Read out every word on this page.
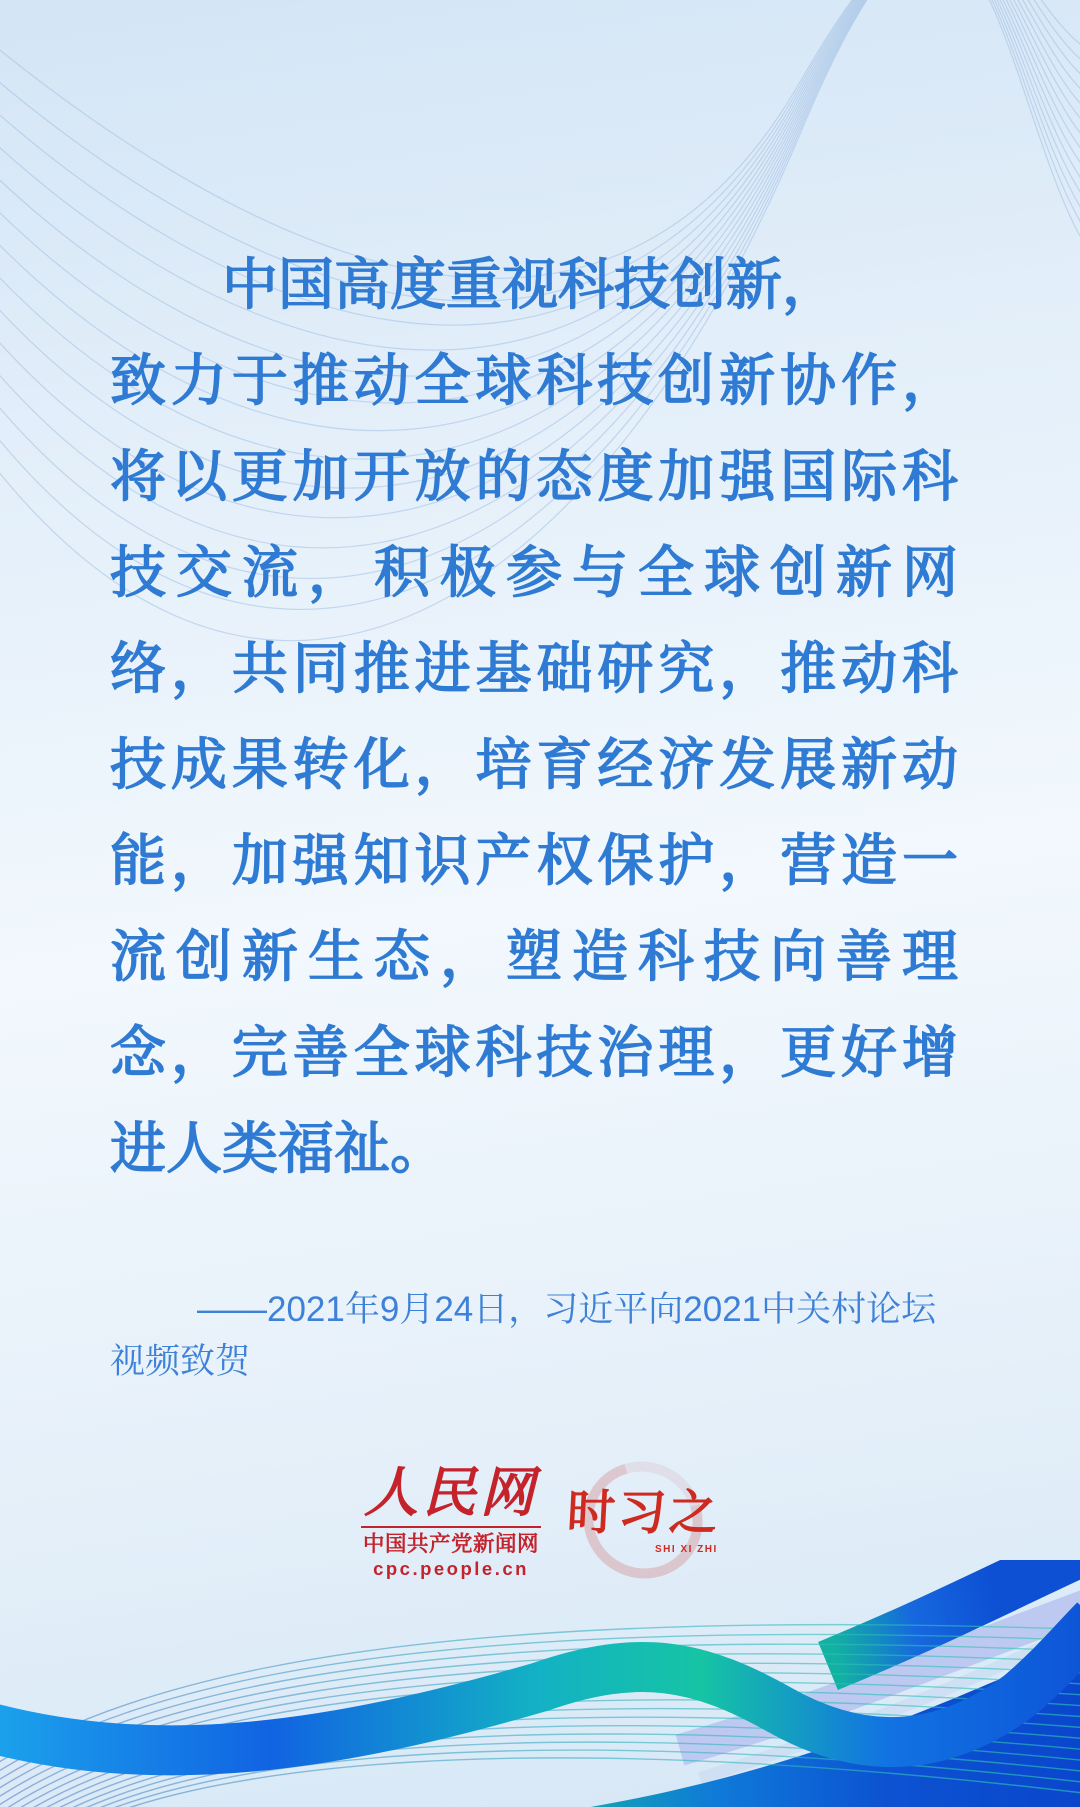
中国高度重视科技创新，
致 力 于 推 动 全 球 科 技 创 新 协 作 ，
将 以 更 加 开 放 的 态 度 加 强 国 际 科
技 交 流 ， 积 极 参 与 全 球 创 新 网
络 ， 共 同 推 进 基 础 研 究 ， 推 动 科
技 成 果 转 化 ， 培 育 经 济 发 展 新 动
能 ， 加 强 知 识 产 权 保 护 ， 营 造 一
流 创 新 生 态 ， 塑 造 科 技 向 善 理
念 ， 完 善 全 球 科 技 治 理 ， 更 好 增
进人类福祉。
——2021年9月24日，习近平向2021中关村论坛
视频致贺
人民网
中国共产党新闻网
cpc.people.cn
时习之
SHI XI ZHI
